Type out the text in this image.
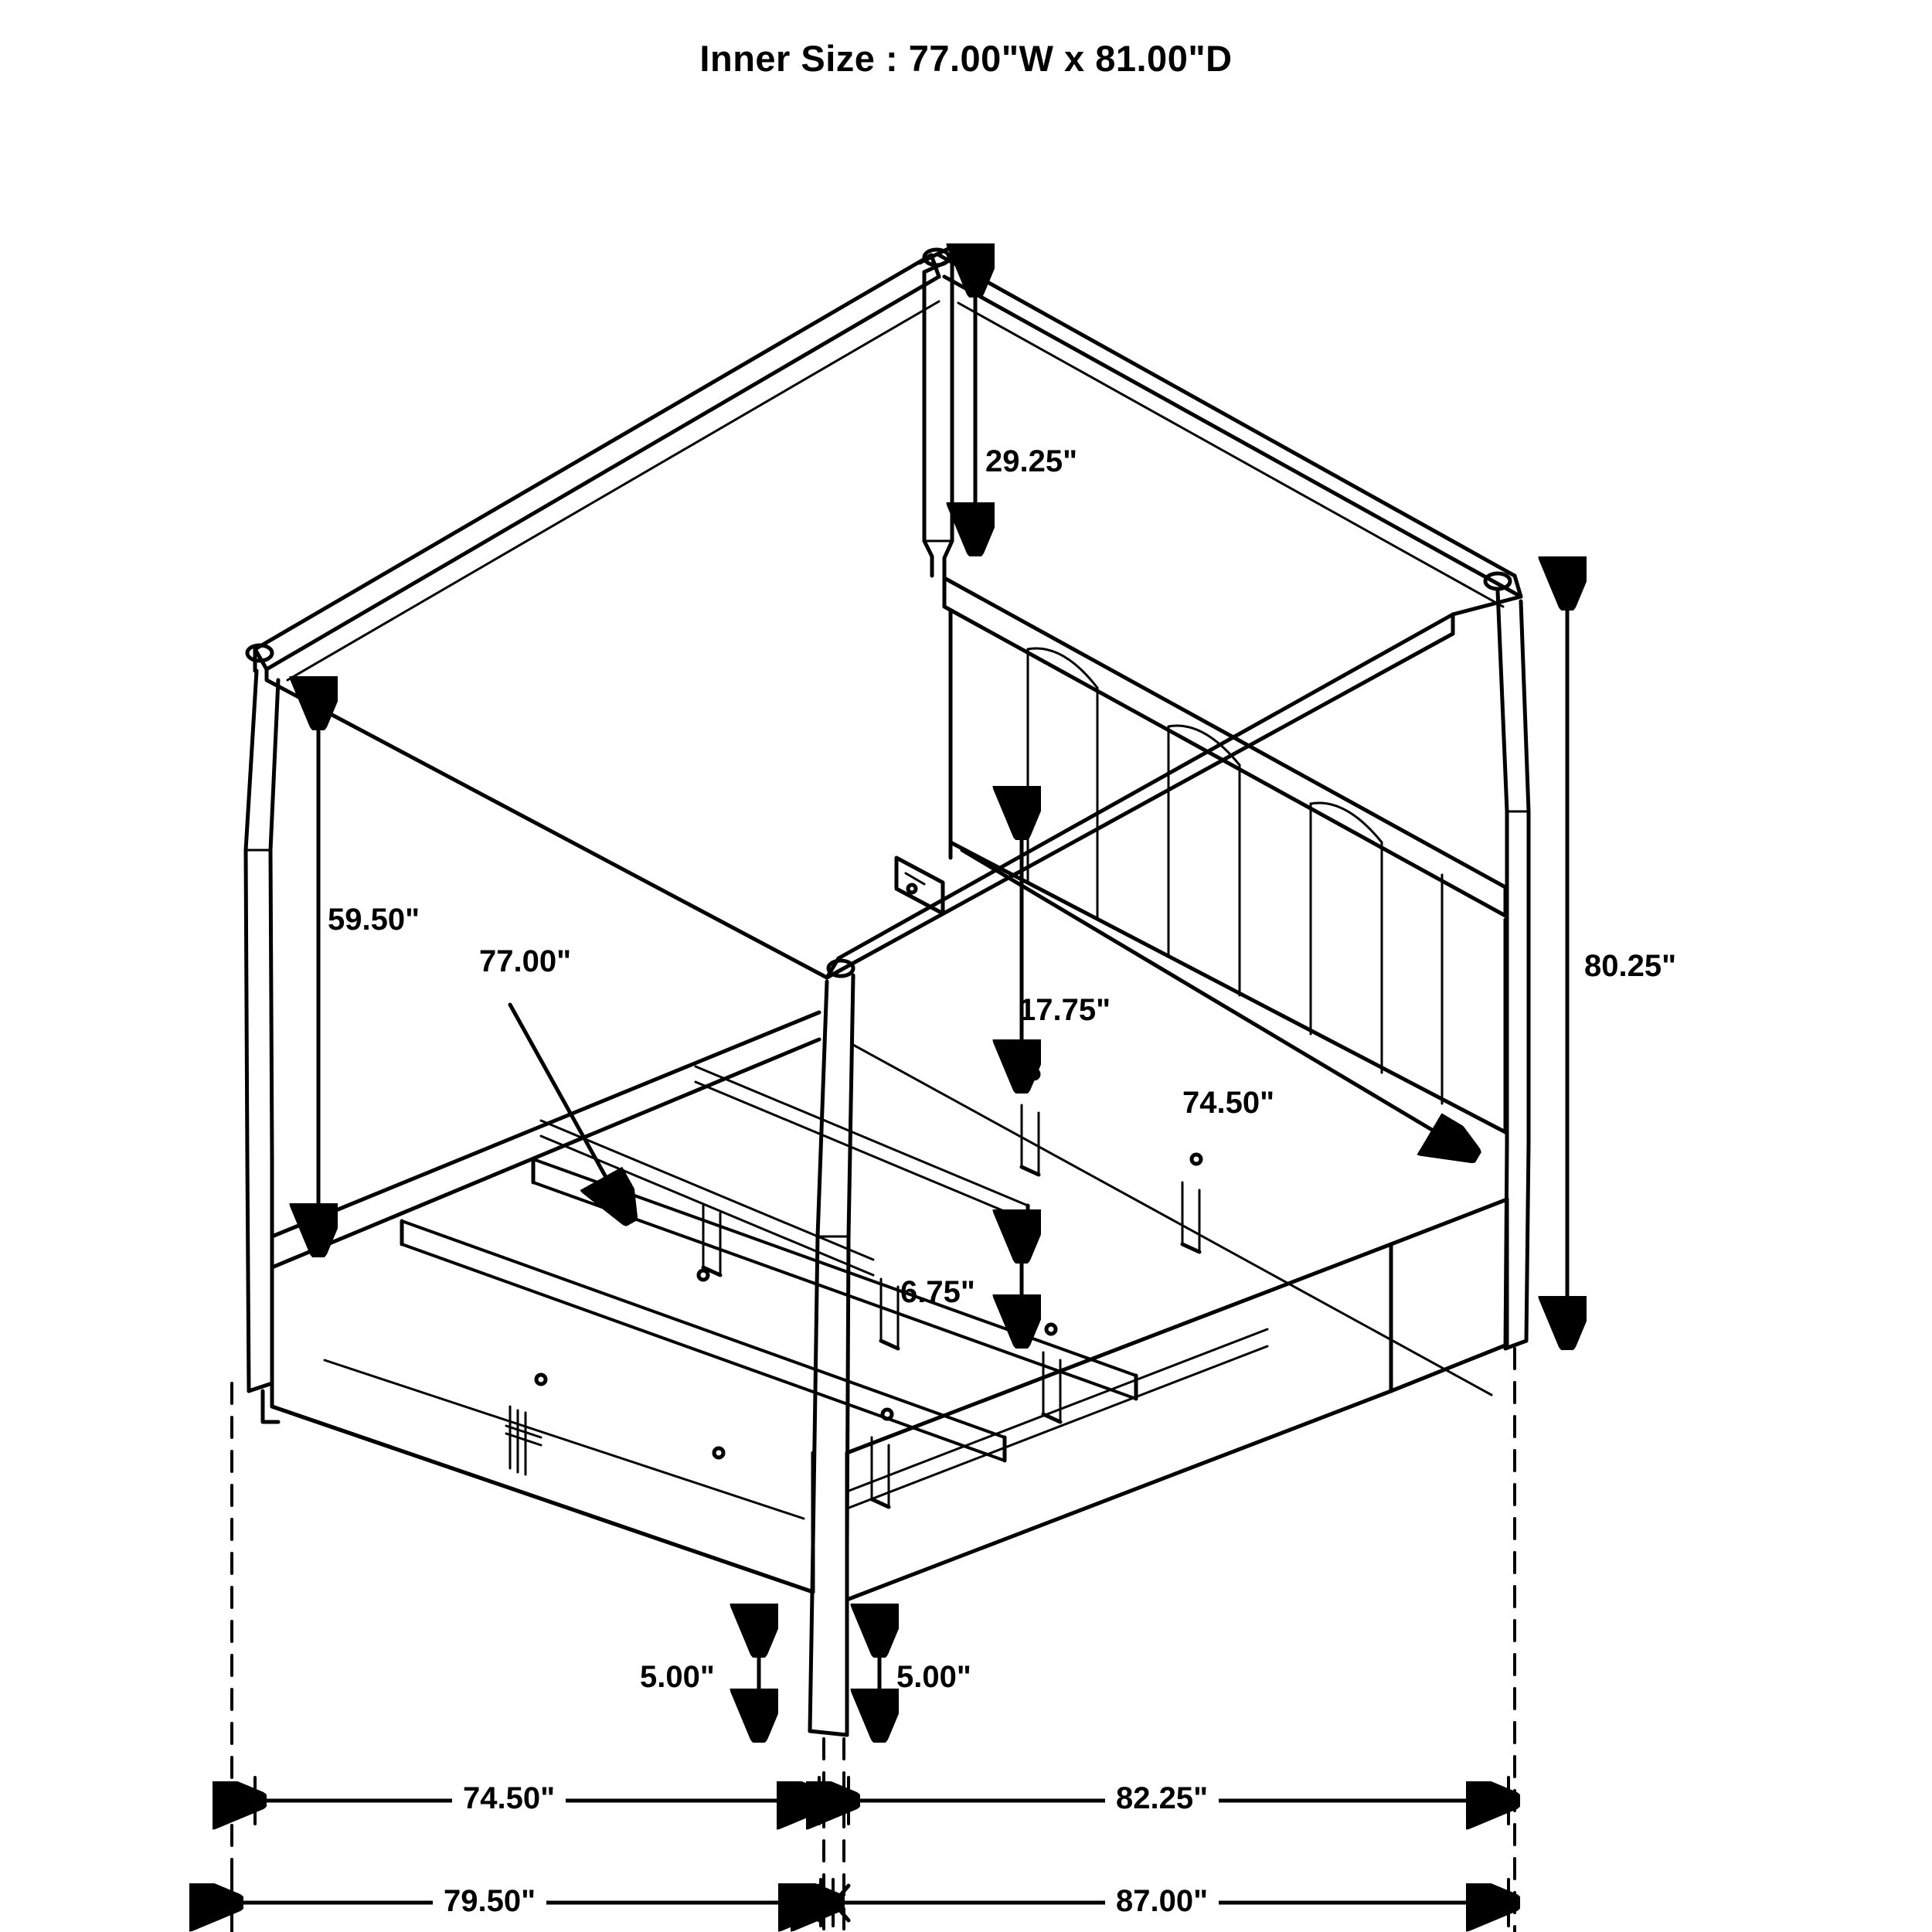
Inner Size : 77.00"W x 81.00"D
29.25"
59.50"
77.00"
17.75"
74.50"
80.25"
6.75"
5.00"	5.00"
74.50"	82.25"
79.50"	87.00"
